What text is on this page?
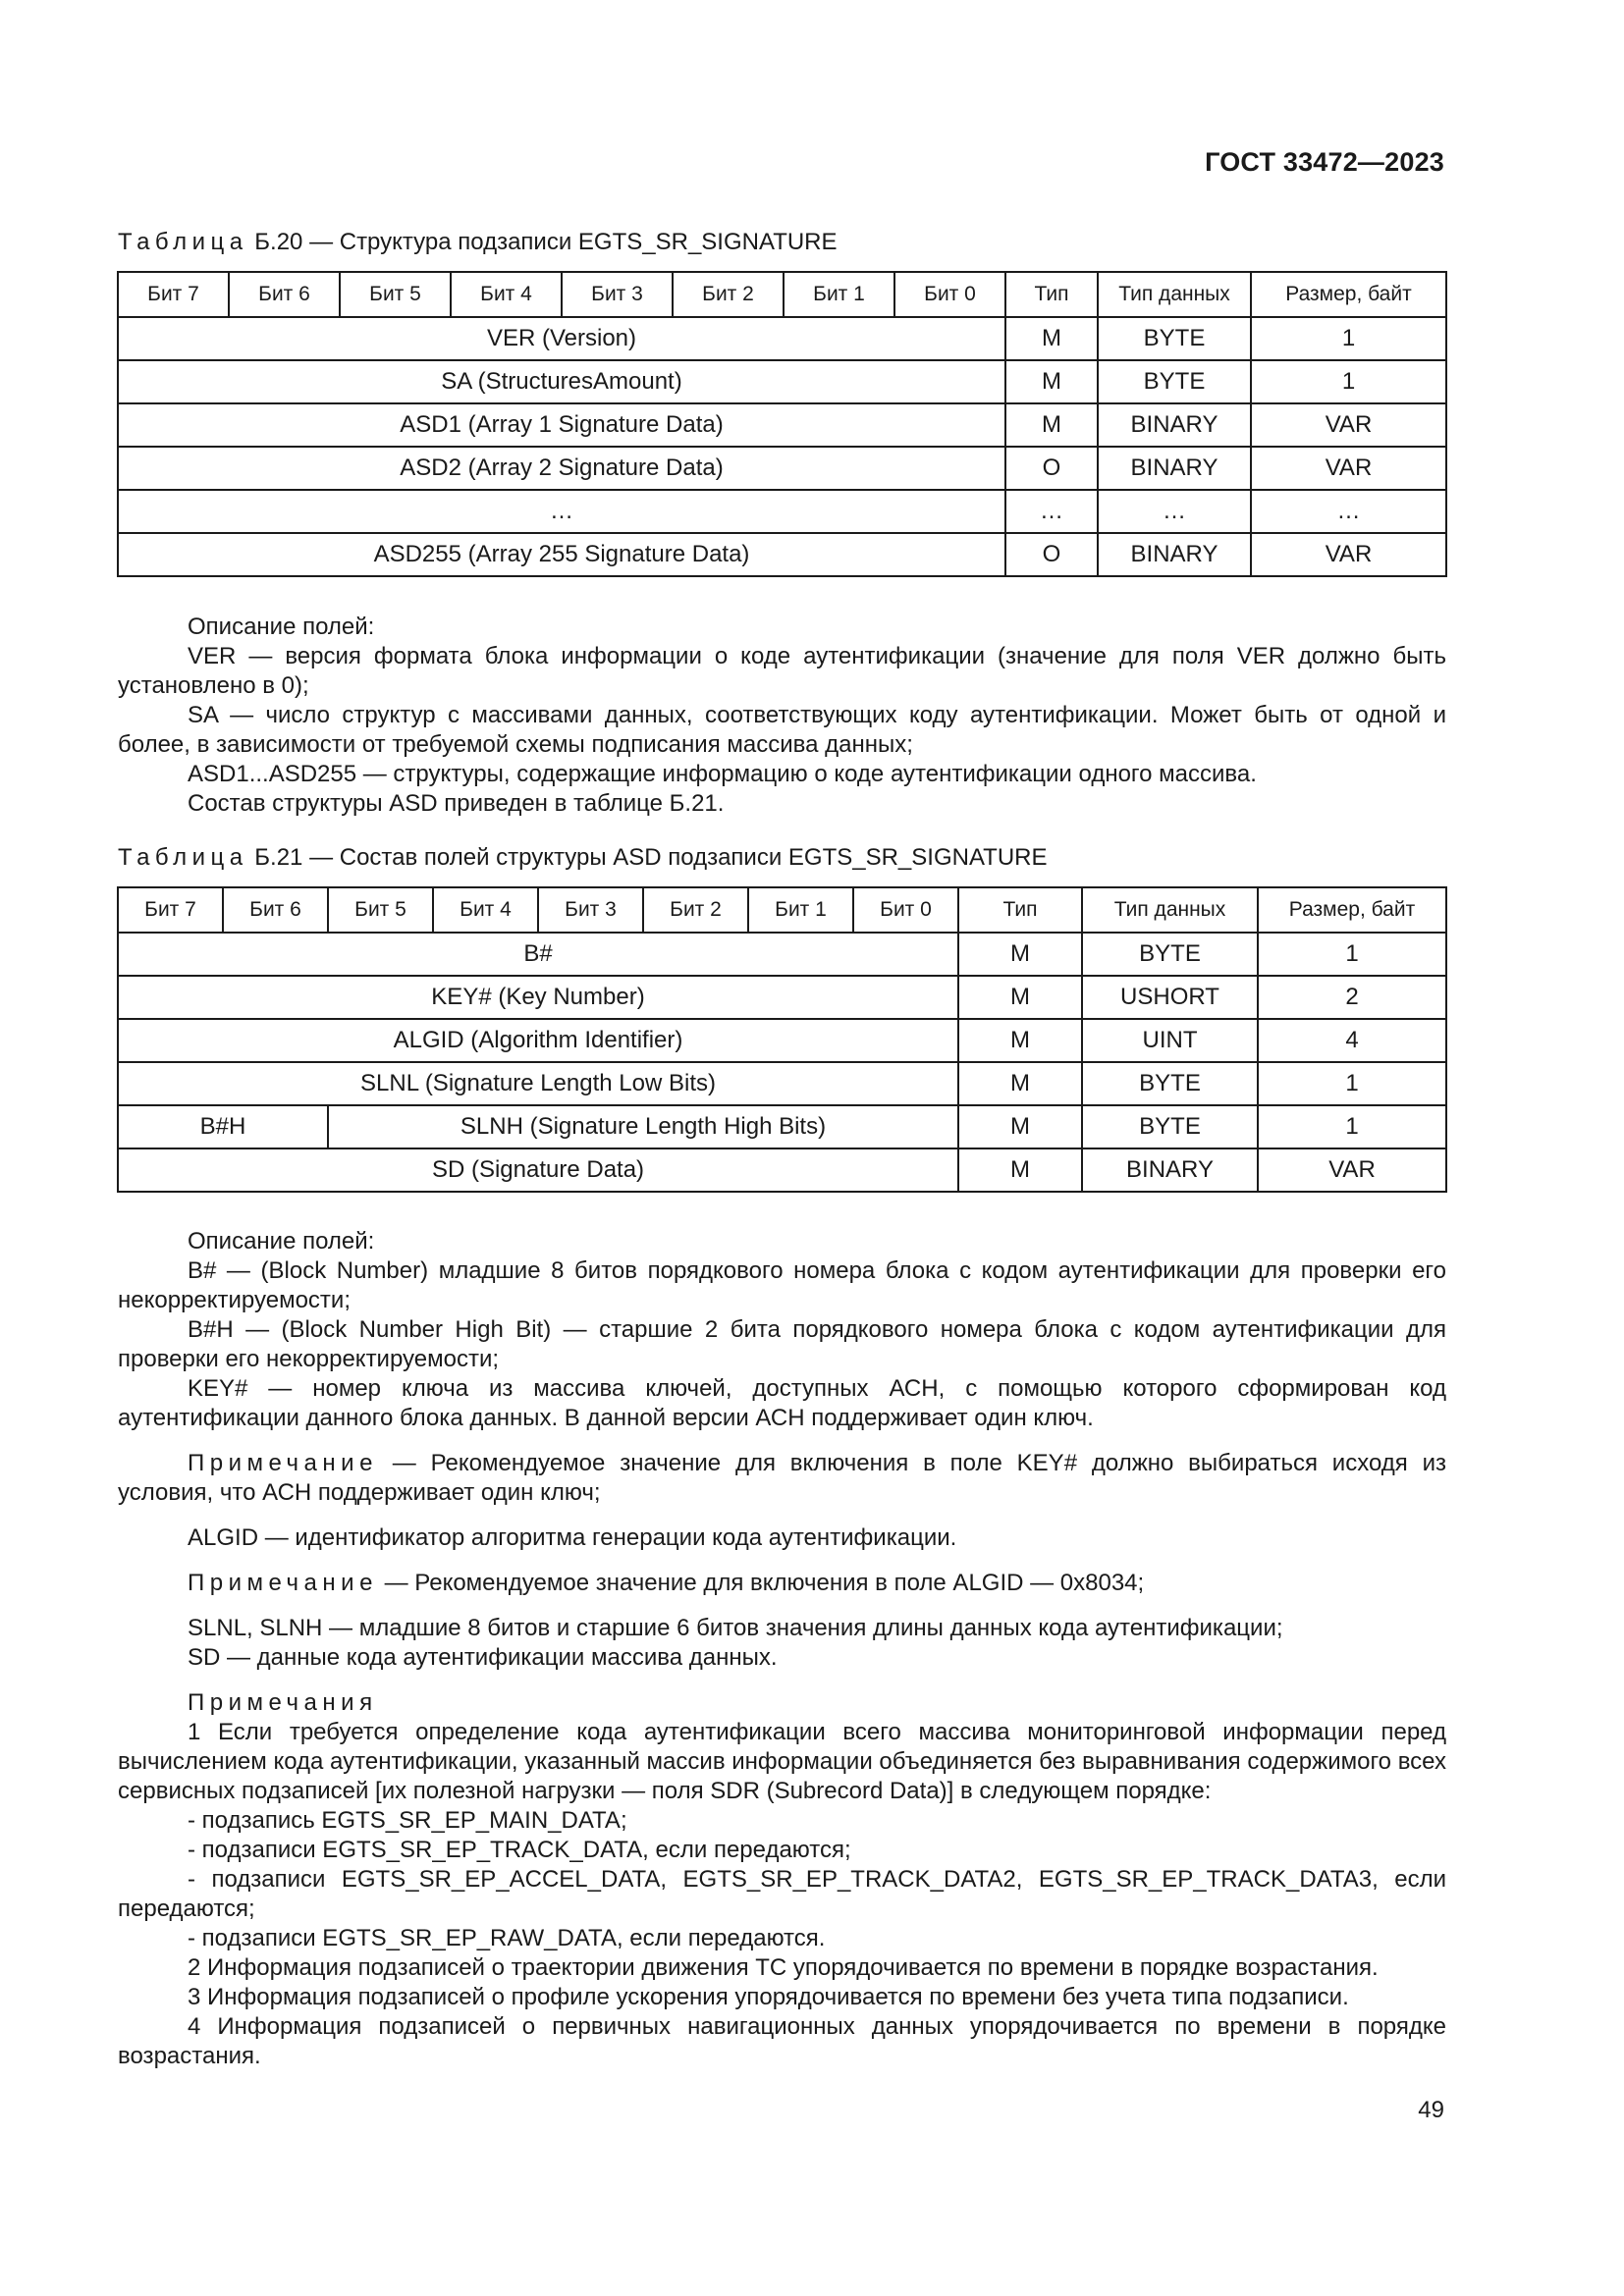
ГОСТ 33472—2023
Таблица Б.20 — Структура подзаписи EGTS_SR_SIGNATURE
Бит 7	Бит 6	Бит 5	Бит 4	Бит 3	Бит 2	Бит 1	Бит 0	Тип	Тип данных	Размер, байт
VER (Version)								M	BYTE	1
SA (StructuresAmount)								M	BYTE	1
ASD1 (Array 1 Signature Data)								M	BINARY	VAR
ASD2 (Array 2 Signature Data)								O	BINARY	VAR
…								…	…	…
ASD255 (Array 255 Signature Data)								O	BINARY	VAR

Описание полей:

VER — версия формата блока информации о коде аутентификации (значение для поля VER должно быть установлено в 0);

SA — число структур с массивами данных, соответствующих коду аутентификации. Может быть от одной и более, в зависимости от требуемой схемы подписания массива данных;

ASD1...ASD255 — структуры, содержащие информацию о коде аутентификации одного массива.

Состав структуры ASD приведен в таблице Б.21.

Таблица Б.21 — Состав полей структуры ASD подзаписи EGTS_SR_SIGNATURE
Бит 7	Бит 6	Бит 5	Бит 4	Бит 3	Бит 2	Бит 1	Бит 0	Тип	Тип данных	Размер, байт
B#								M	BYTE	1
KEY# (Key Number)								M	USHORT	2
ALGID (Algorithm Identifier)								M	UINT	4
SLNL (Signature Length Low Bits)								M	BYTE	1
B#H		SLNH (Signature Length High Bits)						M	BYTE	1
SD (Signature Data)								M	BINARY	VAR

Описание полей:

B# — (Block Number) младшие 8 битов порядкового номера блока с кодом аутентификации для проверки его некорректируемости;

B#H — (Block Number High Bit) — старшие 2 бита порядкового номера блока с кодом аутентификации для проверки его некорректируемости;

KEY# — номер ключа из массива ключей, доступных АСН, с помощью которого сформирован код аутентификации данного блока данных. В данной версии АСН поддерживает один ключ.

Примечание — Рекомендуемое значение для включения в поле KEY# должно выбираться исходя из условия, что АСН поддерживает один ключ;

ALGID — идентификатор алгоритма генерации кода аутентификации.

Примечание — Рекомендуемое значение для включения в поле ALGID — 0x8034;

SLNL, SLNH — младшие 8 битов и старшие 6 битов значения длины данных кода аутентификации;

SD — данные кода аутентификации массива данных.

Примечания

1 Если требуется определение кода аутентификации всего массива мониторинговой информации перед вычислением кода аутентификации, указанный массив информации объединяется без выравнивания содержимого всех сервисных подзаписей [их полезной нагрузки — поля SDR (Subrecord Data)] в следующем порядке:

- подзапись EGTS_SR_EP_MAIN_DATA;

- подзаписи EGTS_SR_EP_TRACK_DATA, если передаются;

- подзаписи EGTS_SR_EP_ACCEL_DATA, EGTS_SR_EP_TRACK_DATA2, EGTS_SR_EP_TRACK_DATA3, если передаются;

- подзаписи EGTS_SR_EP_RAW_DATA, если передаются.

2 Информация подзаписей о траектории движения ТС упорядочивается по времени в порядке возрастания.

3 Информация подзаписей о профиле ускорения упорядочивается по времени без учета типа подзаписи.

4 Информация подзаписей о первичных навигационных данных упорядочивается по времени в порядке возрастания.

49
